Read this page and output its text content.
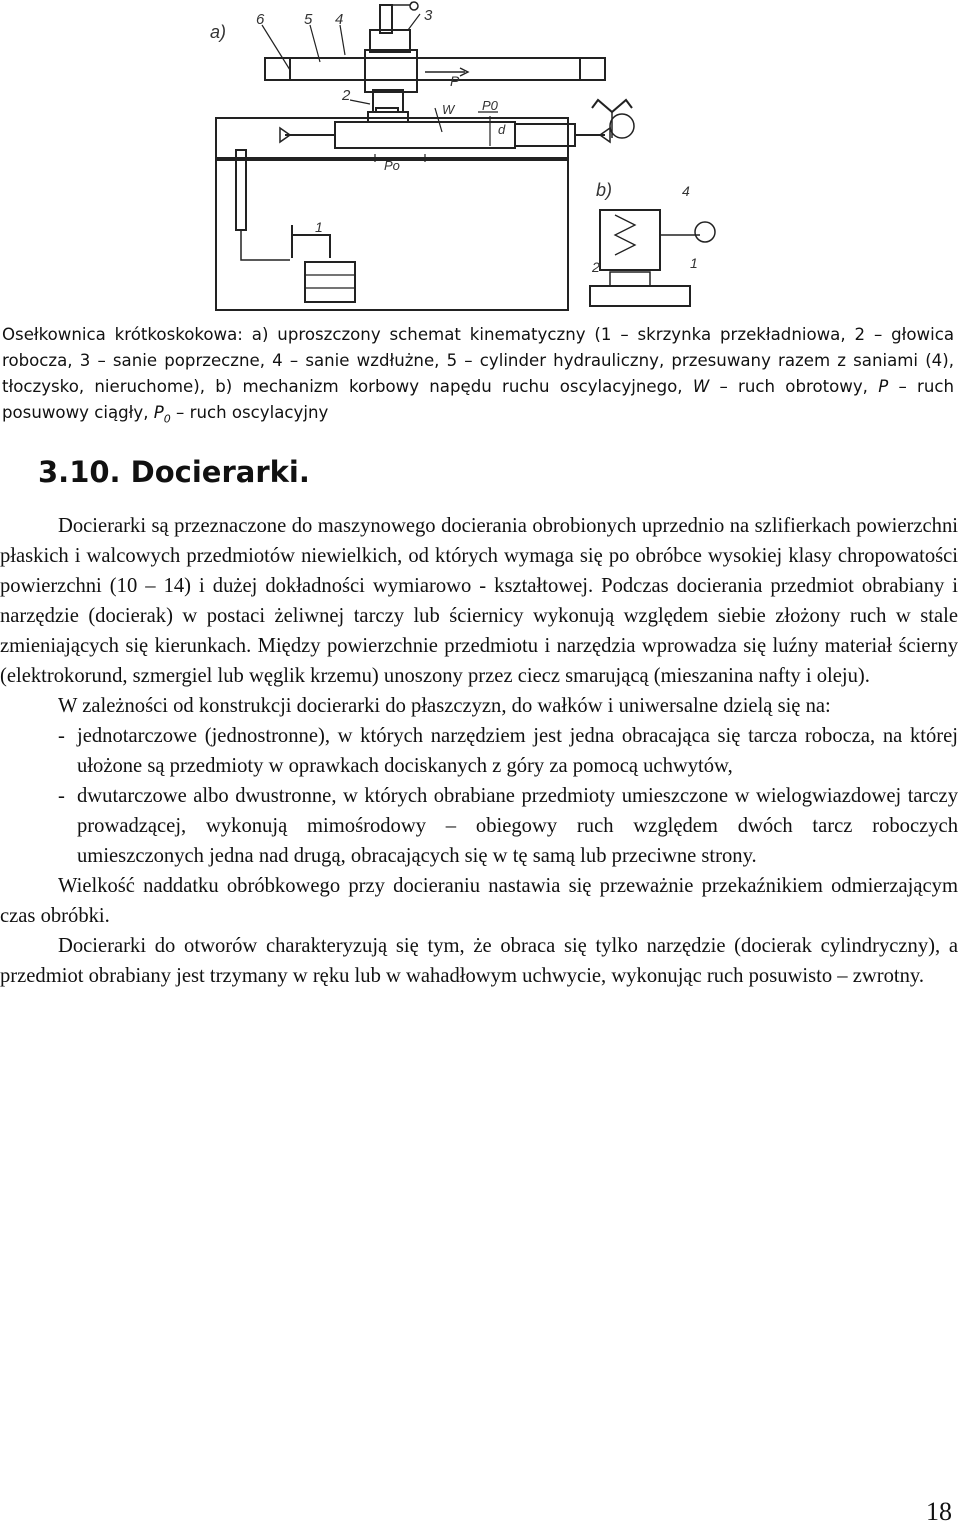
a)
6	5 4	3
P
2
W P0
d
Po
1
b)	4
1
2
Osełkownica krótkoskokowa: a) uproszczony schemat kinematyczny (1 – skrzynka przekładniowa, 2 – głowica robocza, 3 – sanie poprzeczne, 4 – sanie wzdłużne, 5 – cylinder hydrauliczny, przesuwany razem z saniami (4), tłoczysko, nieruchome), b) mechanizm korbowy napędu ruchu oscylacyjnego, W – ruch obrotowy, P – ruch posuwowy ciągły, $P_0$ – ruch oscylacyjny
3.10. Docierarki.

Docierarki są przeznaczone do maszynowego docierania obrobionych uprzednio na szlifierkach powierzchni płaskich i walcowych przedmiotów niewielkich, od których wymaga się po obróbce wysokiej klasy chropowatości powierzchni (10 – 14) i dużej dokładności wymiarowo - kształtowej. Podczas docierania przedmiot obrabiany i narzędzie (docierak) w postaci żeliwnej tarczy lub ściernicy wykonują względem siebie złożony ruch w stale zmieniających się kierunkach. Między powierzchnie przedmiotu i narzędzia wprowadza się luźny materiał ścierny (elektrokorund, szmergiel lub węglik krzemu) unoszony przez ciecz smarującą (mieszanina nafty i oleju).

W zależności od konstrukcji docierarki do płaszczyzn, do wałków i uniwersalne dzielą się na:

- jednotarczowe (jednostronne), w których narzędziem jest jedna obracająca się tarcza robocza, na której ułożone są przedmioty w oprawkach dociskanych z góry za pomocą uchwytów,
- dwutarczowe albo dwustronne, w których obrabiane przedmioty umieszczone w wielogwiazdowej tarczy prowadzącej, wykonują mimośrodowy – obiegowy ruch względem dwóch tarcz roboczych umieszczonych jedna nad drugą, obracających się w tę samą lub przeciwne strony.

Wielkość naddatku obróbkowego przy docieraniu nastawia się przeważnie przekaźnikiem odmierzającym czas obróbki.

Docierarki do otworów charakteryzują się tym, że obraca się tylko narzędzie (docierak cylindryczny), a przedmiot obrabiany jest trzymany w ręku lub w wahadłowym uchwycie, wykonując ruch posuwisto – zwrotny.

18
